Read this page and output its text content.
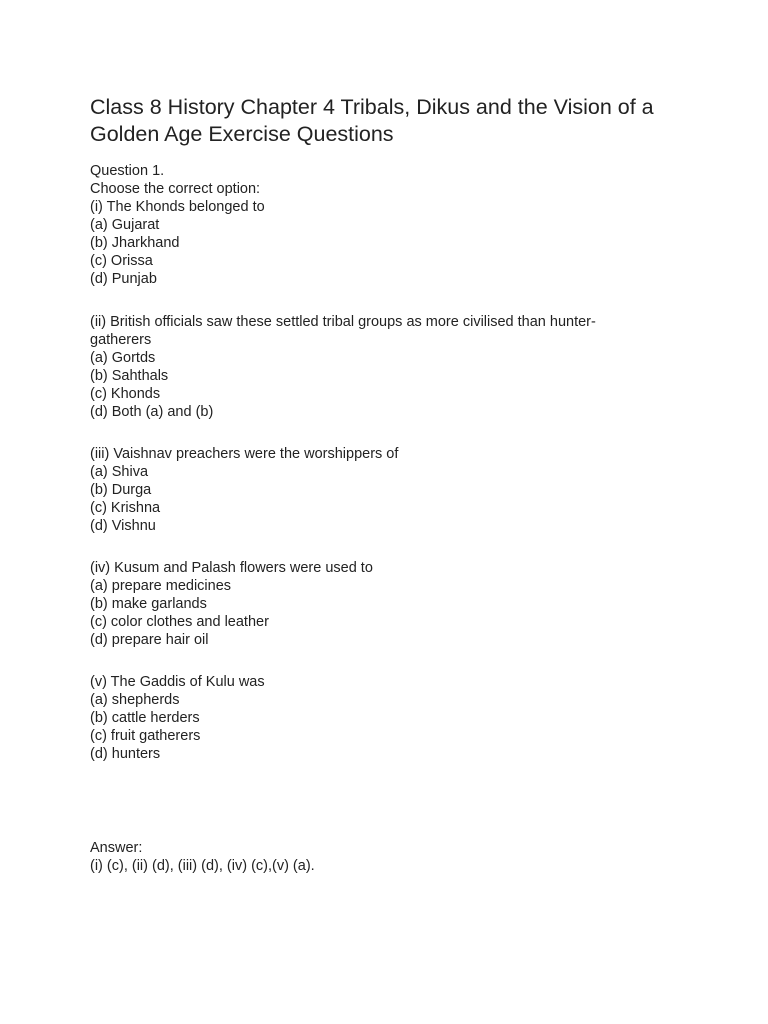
Class 8 History Chapter 4 Tribals, Dikus and the Vision of a Golden Age Exercise Questions
Question 1.
Choose the correct option:
(i) The Khonds belonged to
(a) Gujarat
(b) Jharkhand
(c) Orissa
(d) Punjab
(ii) British officials saw these settled tribal groups as more civilised than hunter-
gatherers
(a) Gortds
(b) Sahthals
(c) Khonds
(d) Both (a) and (b)
(iii) Vaishnav preachers were the worshippers of
(a) Shiva
(b) Durga
(c) Krishna
(d) Vishnu
(iv) Kusum and Palash flowers were used to
(a) prepare medicines
(b) make garlands
(c) color clothes and leather
(d) prepare hair oil
(v) The Gaddis of Kulu was
(a) shepherds
(b) cattle herders
(c) fruit gatherers
(d) hunters
Answer:
(i) (c), (ii) (d), (iii) (d), (iv) (c),(v) (a).
